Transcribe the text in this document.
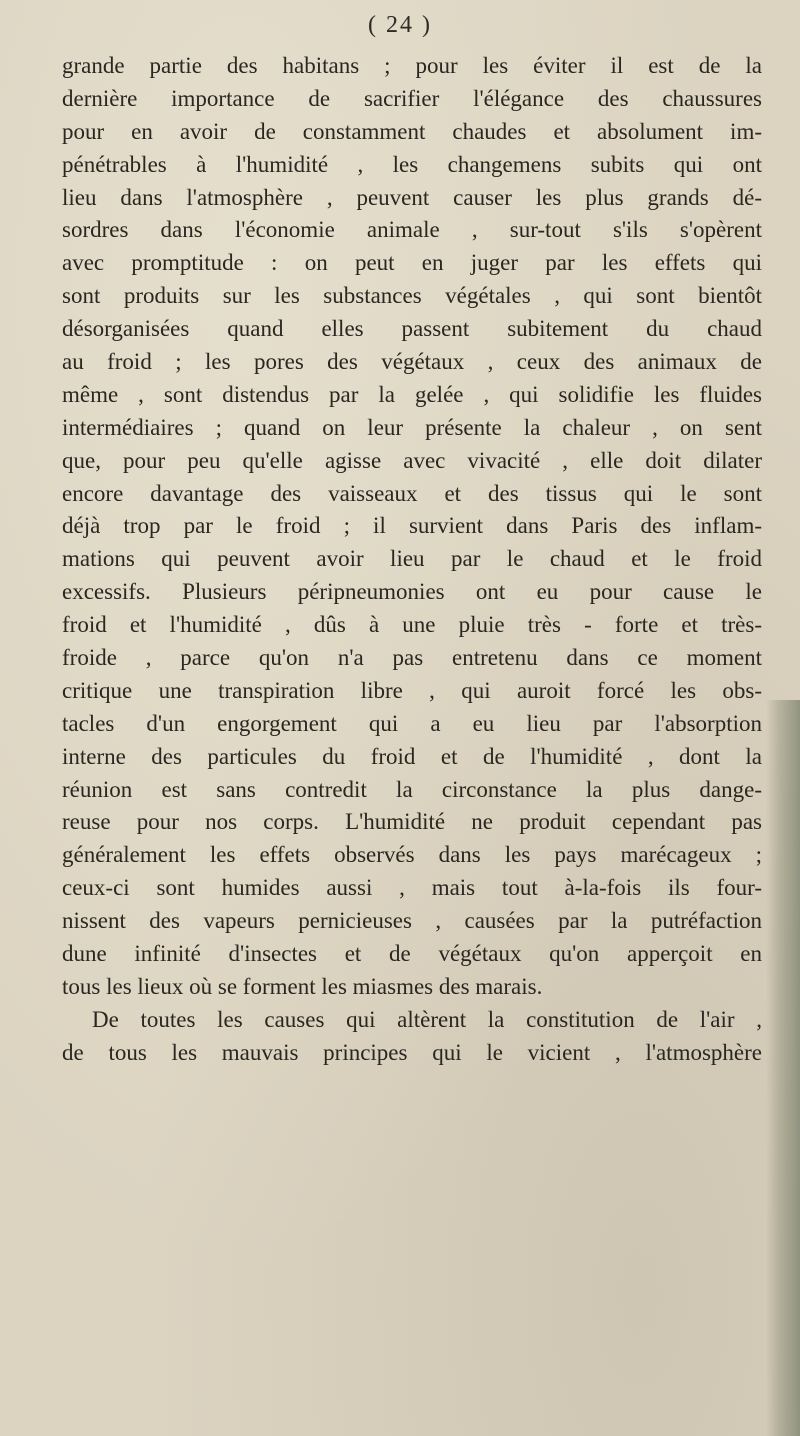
( 24 )
grande partie des habitans ; pour les éviter il est de la
dernière importance de sacrifier l'élégance des chaussures
pour en avoir de constamment chaudes et absolument im-
pénétrables à l'humidité , les changemens subits qui ont
lieu dans l'atmosphère , peuvent causer les plus grands dé-
sordres dans l'économie animale , sur-tout s'ils s'opèrent
avec promptitude : on peut en juger par les effets qui
sont produits sur les substances végétales , qui sont bientôt
désorganisées quand elles passent subitement du chaud
au froid ; les pores des végétaux , ceux des animaux de
même , sont distendus par la gelée , qui solidifie les fluides
intermédiaires ; quand on leur présente la chaleur , on sent
que, pour peu qu'elle agisse avec vivacité , elle doit dilater
encore davantage des vaisseaux et des tissus qui le sont
déjà trop par le froid ; il survient dans Paris des inflam-
mations qui peuvent avoir lieu par le chaud et le froid
excessifs. Plusieurs péripneumonies ont eu pour cause le
froid et l'humidité , dûs à une pluie très - forte et très-
froide , parce qu'on n'a pas entretenu dans ce moment
critique une transpiration libre , qui auroit forcé les obs-
tacles d'un engorgement qui a eu lieu par l'absorption
interne des particules du froid et de l'humidité , dont la
réunion est sans contredit la circonstance la plus dange-
reuse pour nos corps. L'humidité ne produit cependant pas
généralement les effets observés dans les pays marécageux ;
ceux-ci sont humides aussi , mais tout à-la-fois ils four-
nissent des vapeurs pernicieuses , causées par la putréfaction
dune infinité d'insectes et de végétaux qu'on apperçoit en
tous les lieux où se forment les miasmes des marais.
De toutes les causes qui altèrent la constitution de l'air ,
de tous les mauvais principes qui le vicient , l'atmosphère
